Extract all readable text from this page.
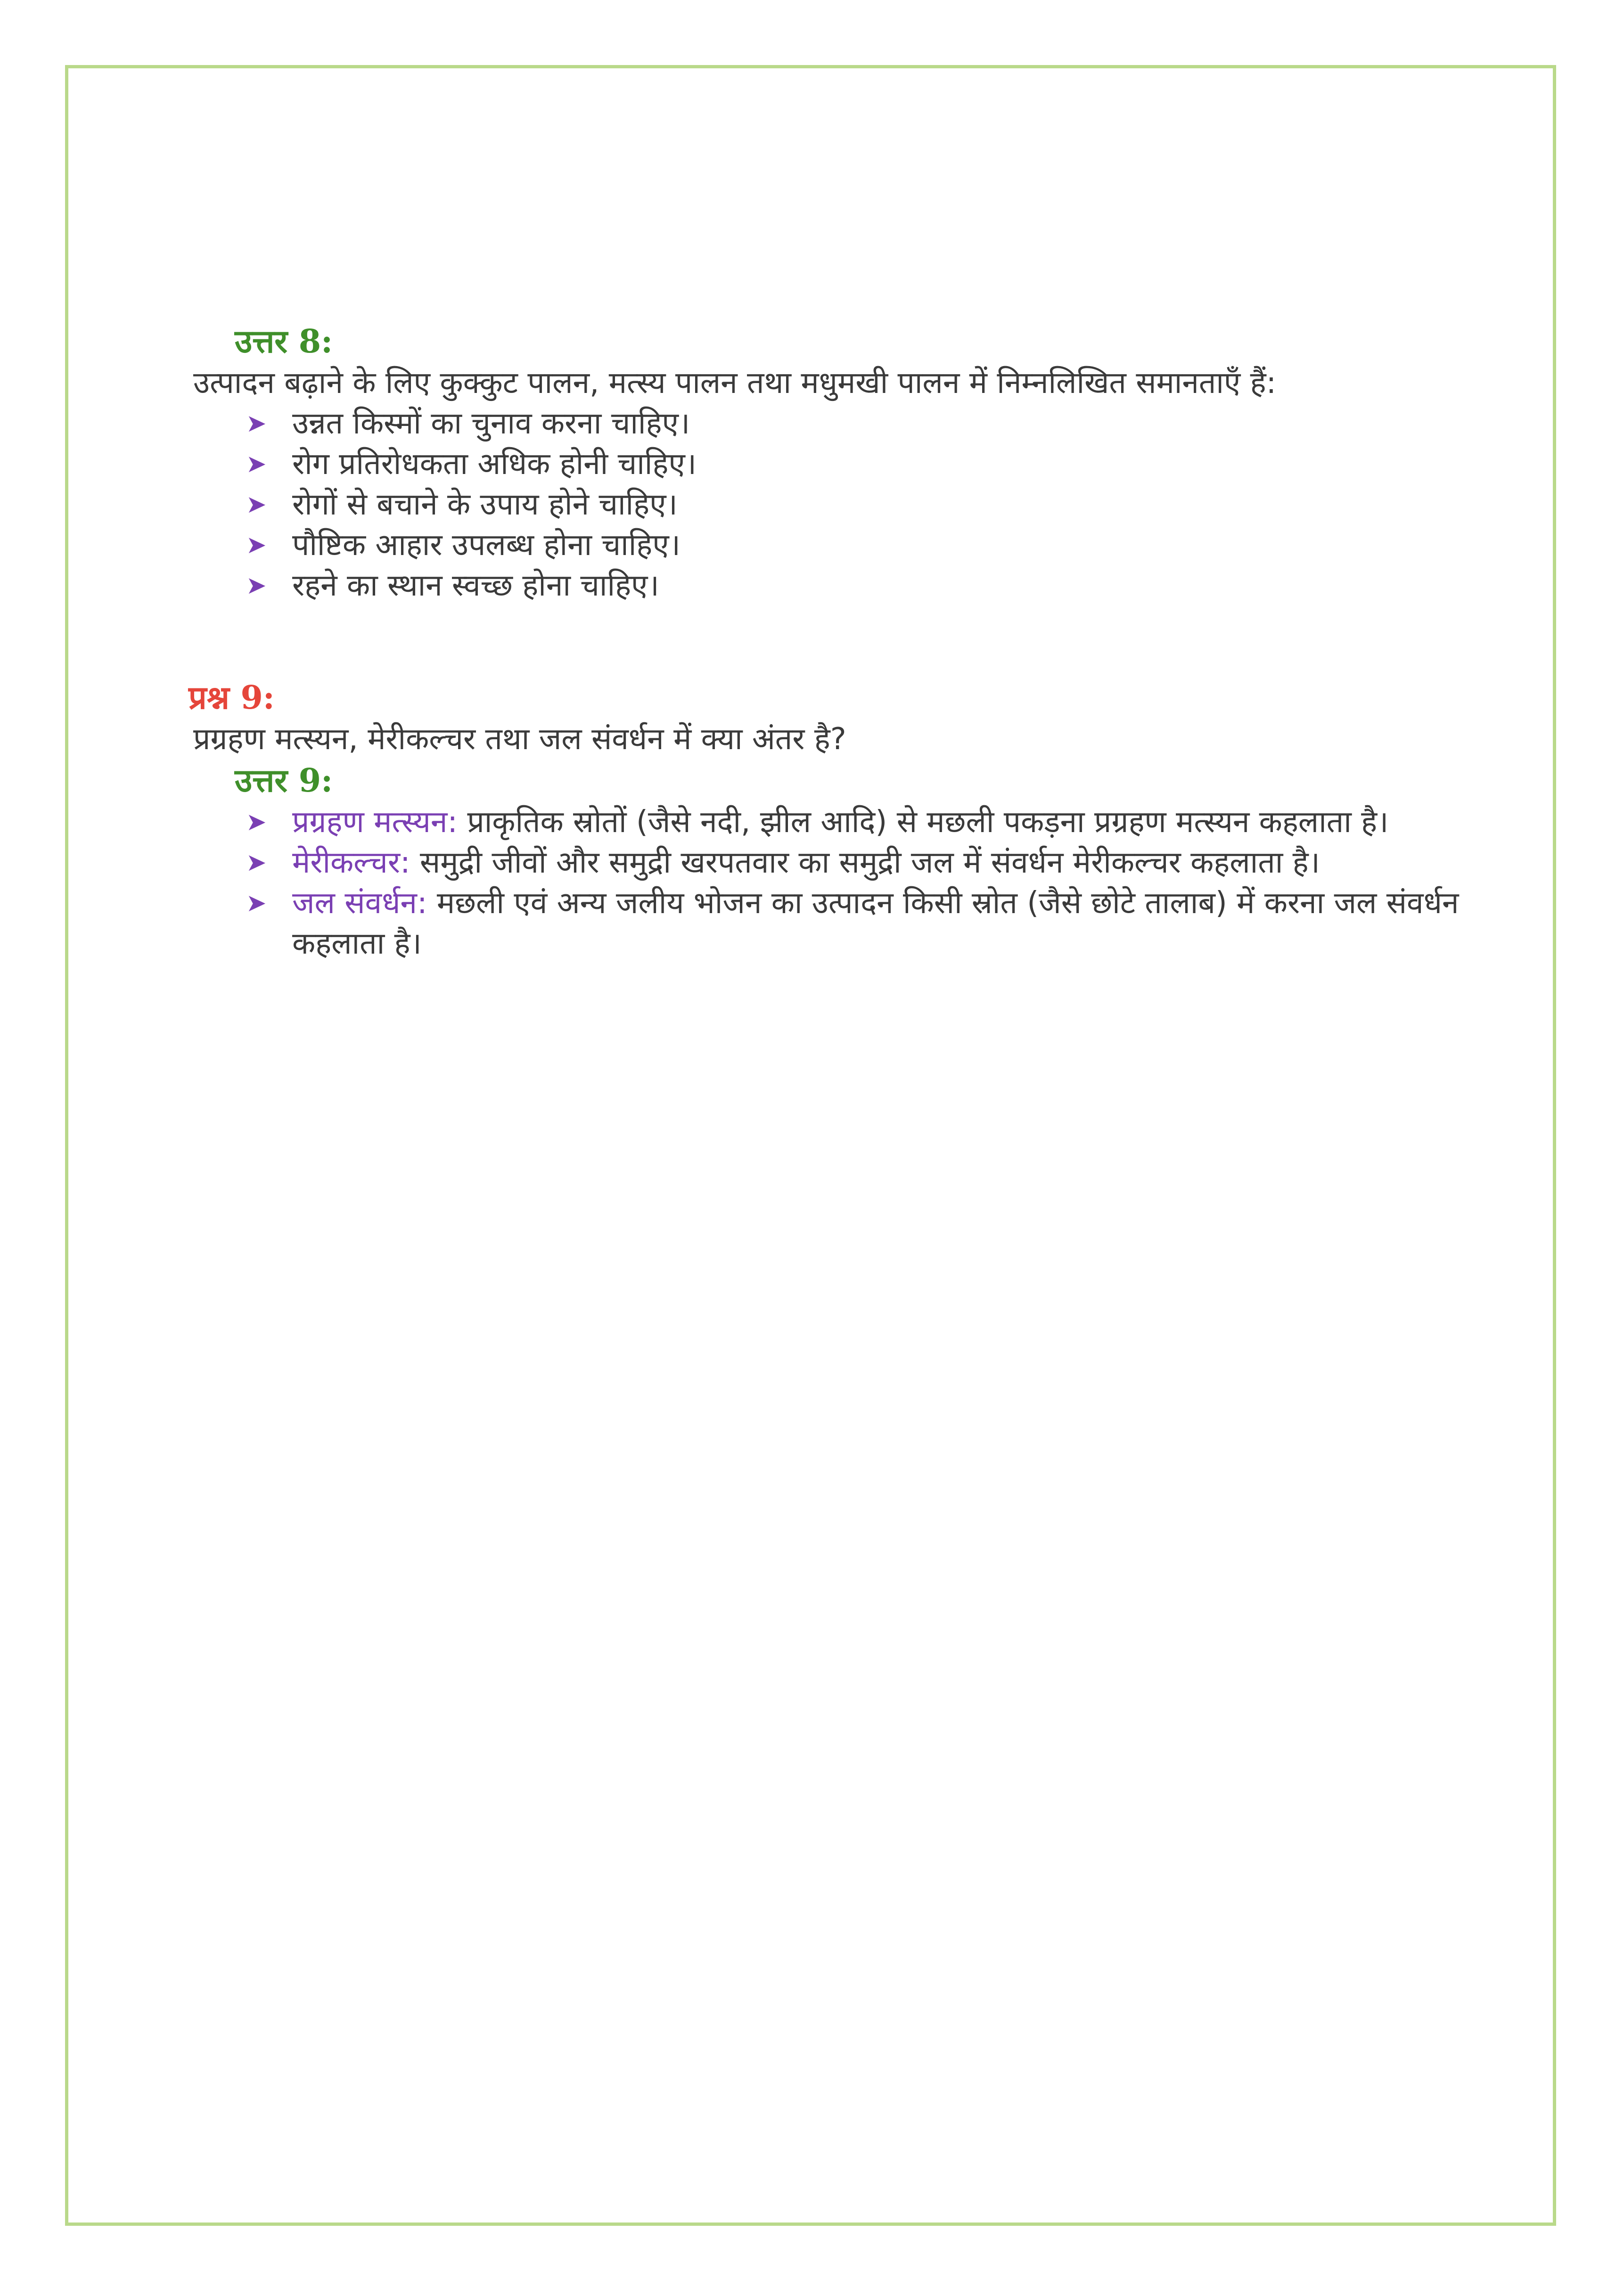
उत्तर 8:

उत्पादन बढ़ाने के लिए कुक्कुट पालन, मत्स्य पालन तथा मधुमखी पालन में निम्नलिखित समानताएँ हैं:

➤ उन्नत किस्मों का चुनाव करना चाहिए।
➤ रोग प्रतिरोधकता अधिक होनी चाहिए।
➤ रोगों से बचाने के उपाय होने चाहिए।
➤ पौष्टिक आहार उपलब्ध होना चाहिए।
➤ रहने का स्थान स्वच्छ होना चाहिए।
प्रश्न 9:

प्रग्रहण मत्स्यन, मेरीकल्चर तथा जल संवर्धन में क्या अंतर है?

उत्तर 9:
➤ प्रग्रहण मत्स्यन: प्राकृतिक स्रोतों (जैसे नदी, झील आदि) से मछली पकड़ना प्रग्रहण मत्स्यन कहलाता है।
➤ मेरीकल्चर: समुद्री जीवों और समुद्री खरपतवार का समुद्री जल में संवर्धन मेरीकल्चर कहलाता है।
➤ जल संवर्धन: मछली एवं अन्य जलीय भोजन का उत्पादन किसी स्रोत (जैसे छोटे तालाब) में करना जल संवर्धन कहलाता है।
